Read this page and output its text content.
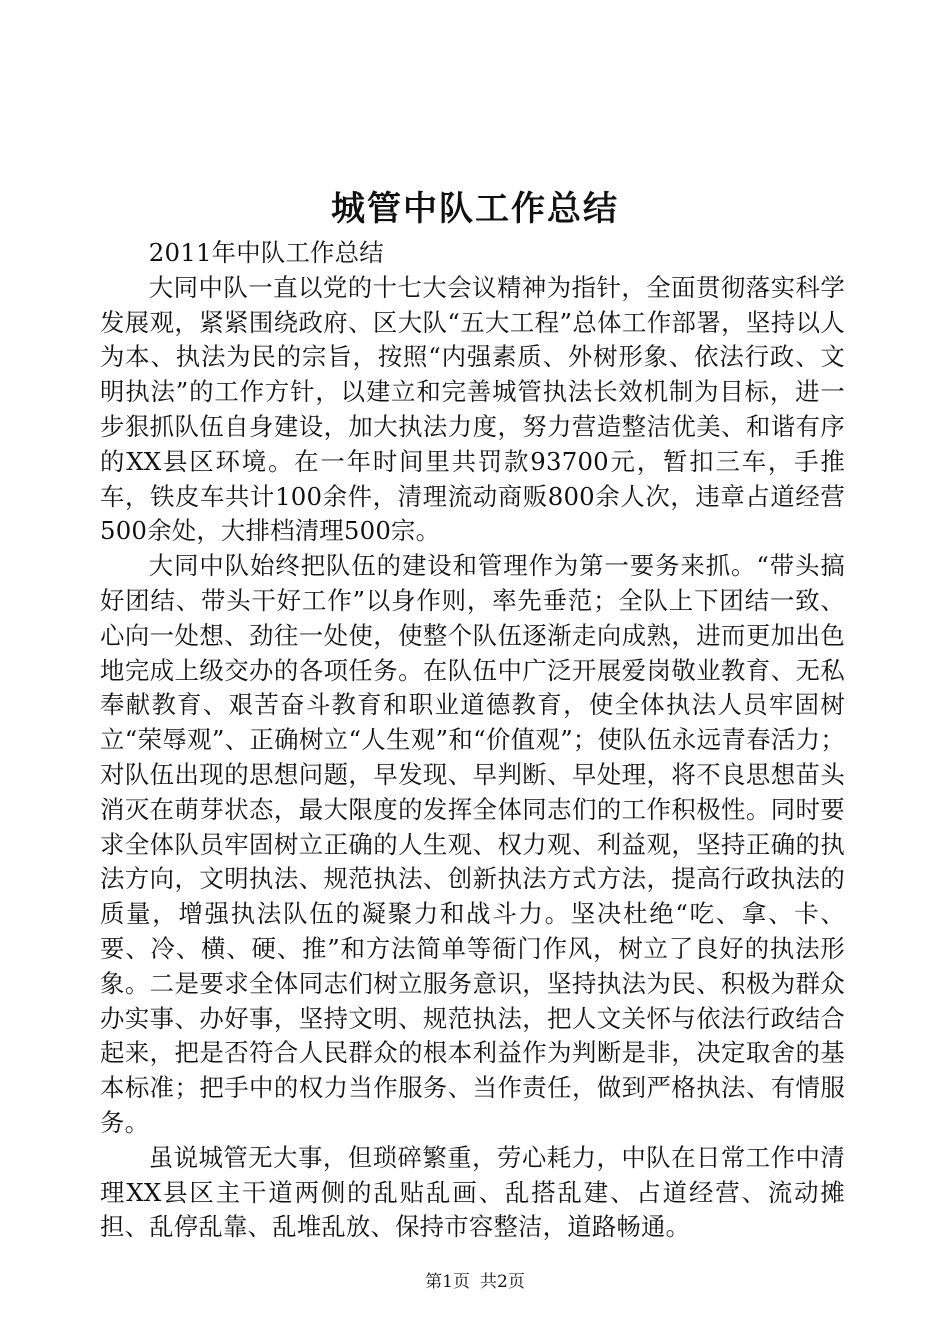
城管中队工作总结

2011年中队工作总结

大同中队一直以党的十七大会议精神为指针，全面贯彻落实科学发展观，紧紧围绕政府、区大队“五大工程”总体工作部署，坚持以人为本、执法为民的宗旨，按照“内强素质、外树形象、依法行政、文明执法”的工作方针，以建立和完善城管执法长效机制为目标，进一步狠抓队伍自身建设，加大执法力度，努力营造整洁优美、和谐有序的XX县区环境。在一年时间里共罚款93700元，暂扣三车，手推车，铁皮车共计100余件，清理流动商贩800余人次，违章占道经营500余处，大排档清理500宗。

大同中队始终把队伍的建设和管理作为第一要务来抓。“带头搞好团结、带头干好工作”以身作则，率先垂范；全队上下团结一致、心向一处想、劲往一处使，使整个队伍逐渐走向成熟，进而更加出色地完成上级交办的各项任务。在队伍中广泛开展爱岗敬业教育、无私奉献教育、艰苦奋斗教育和职业道德教育，使全体执法人员牢固树立“荣辱观”、正确树立“人生观”和“价值观”；使队伍永远青春活力；对队伍出现的思想问题，早发现、早判断、早处理，将不良思想苗头消灭在萌芽状态，最大限度的发挥全体同志们的工作积极性。同时要求全体队员牢固树立正确的人生观、权力观、利益观，坚持正确的执法方向，文明执法、规范执法、创新执法方式方法，提高行政执法的质量，增强执法队伍的凝聚力和战斗力。坚决杜绝“吃、拿、卡、要、冷、横、硬、推”和方法简单等衙门作风，树立了良好的执法形象。二是要求全体同志们树立服务意识，坚持执法为民、积极为群众办实事、办好事，坚持文明、规范执法，把人文关怀与依法行政结合起来，把是否符合人民群众的根本利益作为判断是非，决定取舍的基本标准；把手中的权力当作服务、当作责任，做到严格执法、有情服务。

虽说城管无大事，但琐碎繁重，劳心耗力，中队在日常工作中清理XX县区主干道两侧的乱贴乱画、乱搭乱建、占道经营、流动摊担、乱停乱靠、乱堆乱放、保持市容整洁，道路畅通。

第1页 共2页
